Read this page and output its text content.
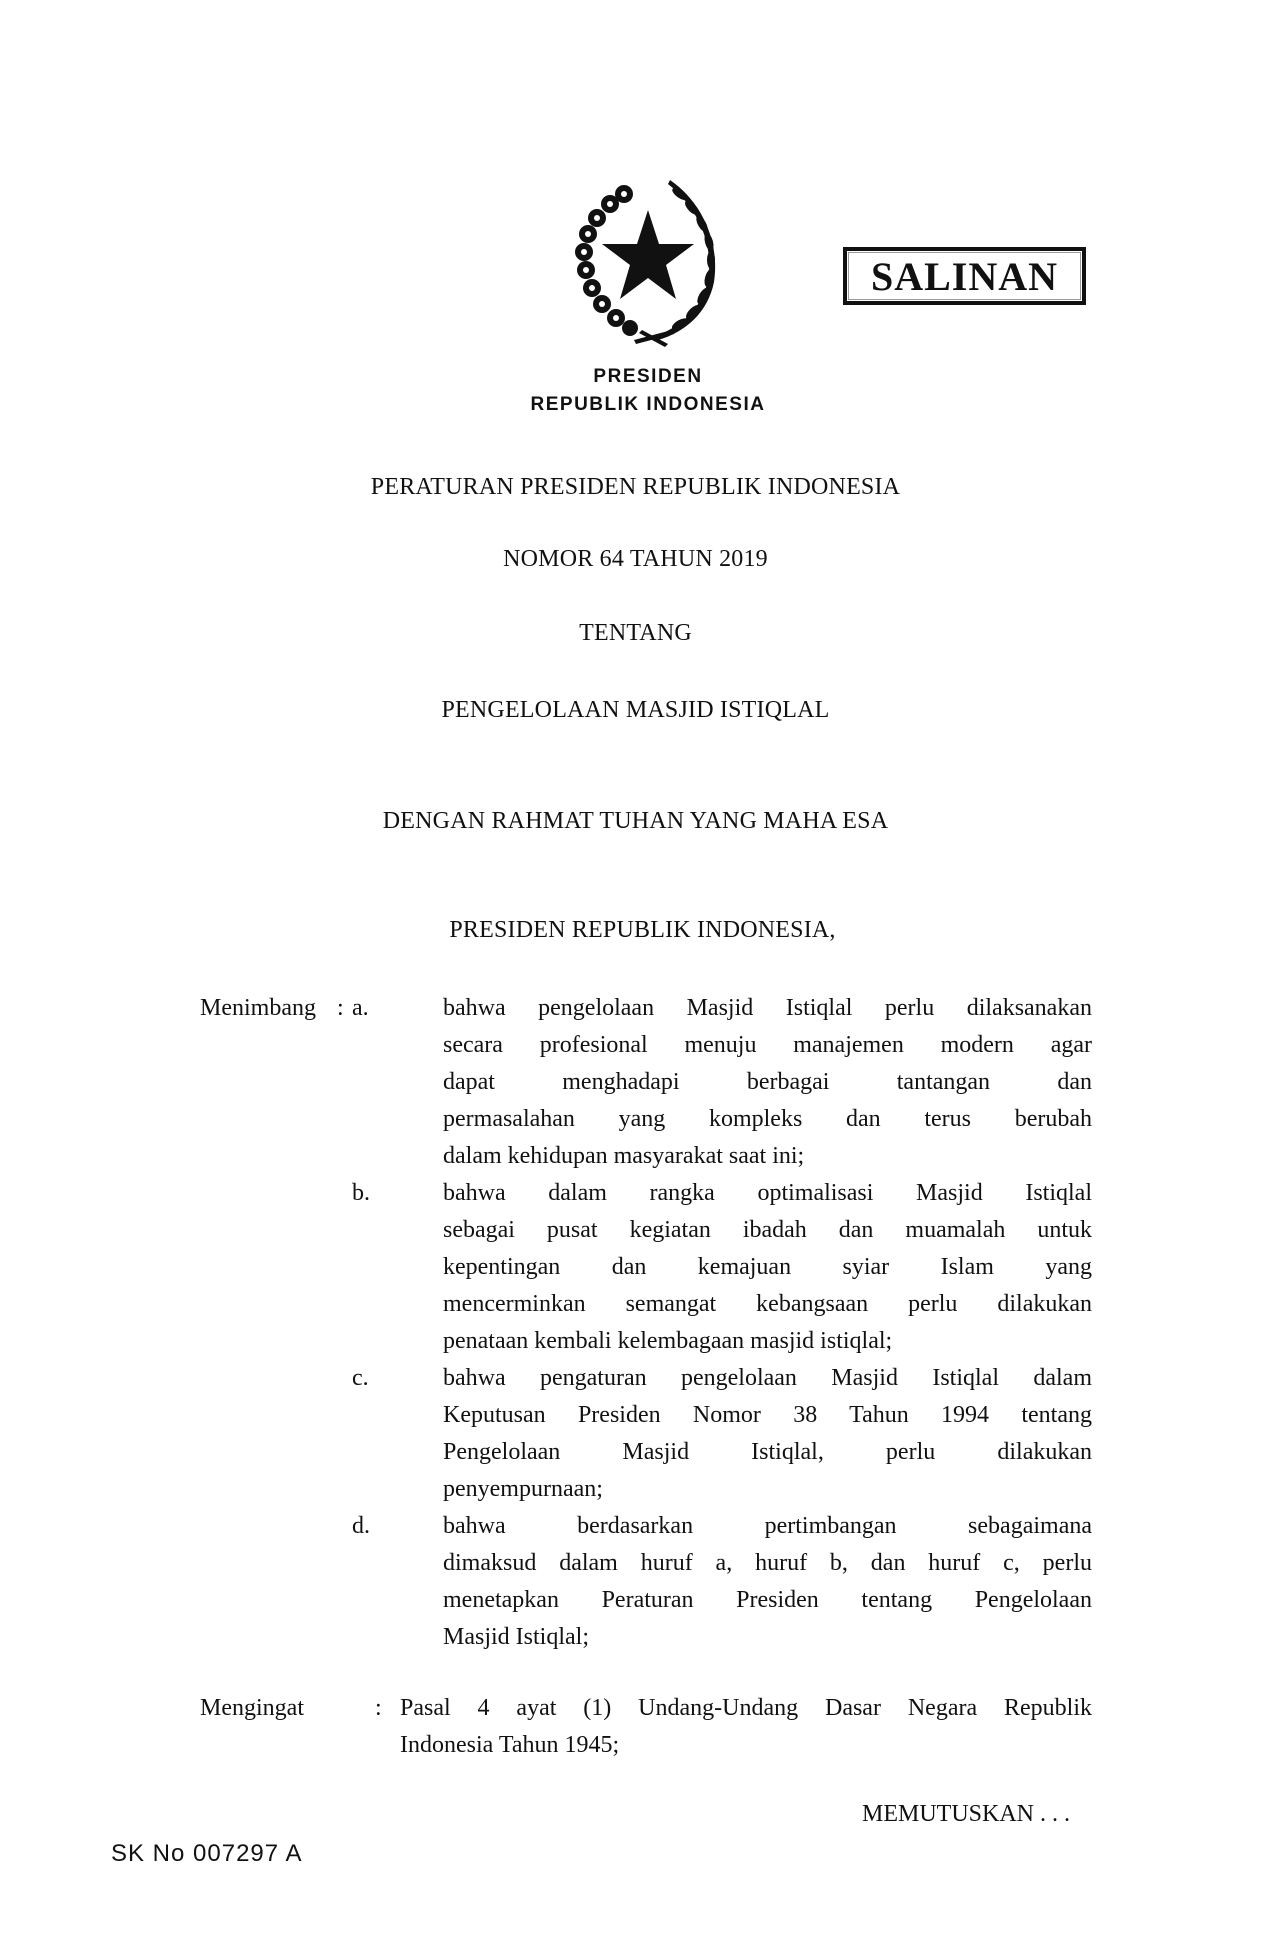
SALINAN
PRESIDEN
REPUBLIK INDONESIA
PERATURAN PRESIDEN REPUBLIK INDONESIA
NOMOR 64 TAHUN 2019
TENTANG
PENGELOLAAN MASJID ISTIQLAL
DENGAN RAHMAT TUHAN YANG MAHA ESA
PRESIDEN REPUBLIK INDONESIA,
Menimbang : a.	bahwa pengelolaan Masjid Istiqlal perlu dilaksanakan
secara profesional menuju manajemen modern agar
dapat menghadapi berbagai tantangan dan
permasalahan yang kompleks dan terus berubah
dalam kehidupan masyarakat saat ini;
b.	bahwa dalam rangka optimalisasi Masjid Istiqlal
sebagai pusat kegiatan ibadah dan muamalah untuk
kepentingan dan kemajuan syiar Islam yang
mencerminkan semangat kebangsaan perlu dilakukan
penataan kembali kelembagaan masjid istiqlal;
c.	bahwa pengaturan pengelolaan Masjid Istiqlal dalam
Keputusan Presiden Nomor 38 Tahun 1994 tentang
Pengelolaan Masjid Istiqlal, perlu dilakukan
penyempurnaan;
d.	bahwa berdasarkan pertimbangan sebagaimana
dimaksud dalam huruf a, huruf b, dan huruf c, perlu
menetapkan Peraturan Presiden tentang Pengelolaan
Masjid Istiqlal;
Mengingat	: Pasal 4 ayat (1) Undang-Undang Dasar Negara Republik
Indonesia Tahun 1945;
MEMUTUSKAN . . .
SK No 007297 A
